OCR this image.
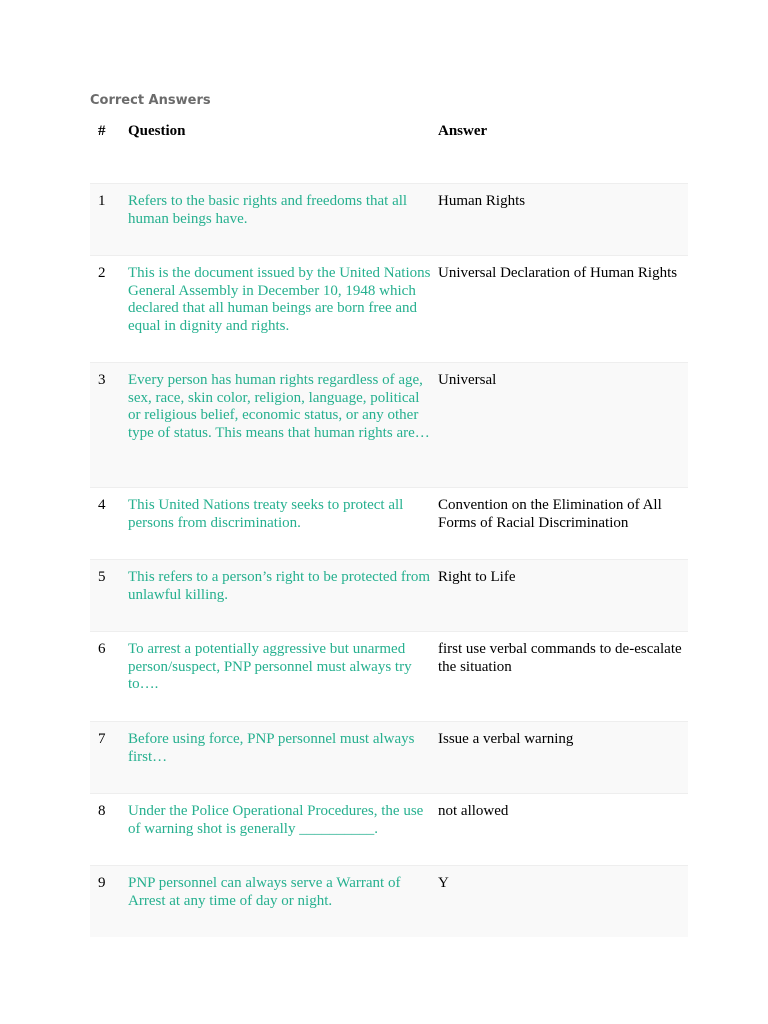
Correct Answers
#	Question	Answer
1	Refers to the basic rights and freedoms that all human beings have.	Human Rights
2	This is the document issued by the United Nations General Assembly in December 10, 1948 which declared that all human beings are born free and equal in dignity and rights.	Universal Declaration of Human Rights
3	Every person has human rights regardless of age, sex, race, skin color, religion, language, political or religious belief, economic status, or any other type of status. This means that human rights are…	Universal
4	This United Nations treaty seeks to protect all persons from discrimination.	Convention on the Elimination of All Forms of Racial Discrimination
5	This refers to a person’s right to be protected from unlawful killing.	Right to Life
6	To arrest a potentially aggressive but unarmed person/suspect, PNP personnel must always try to….	first use verbal commands to de-escalate the situation
7	Before using force, PNP personnel must always first…	Issue a verbal warning
8	Under the Police Operational Procedures, the use of warning shot is generally __________.	not allowed
9	PNP personnel can always serve a Warrant of Arrest at any time of day or night.	Y
